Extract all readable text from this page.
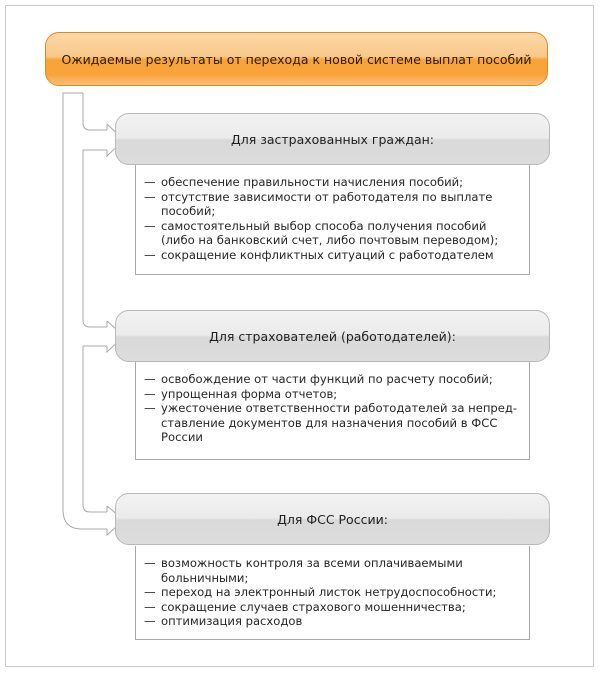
Ожидаемые результаты от перехода к новой системе выплат пособий
Для застрахованных граждан:
— обеспечение правильности начисления пособий;
— отсутствие зависимости от работодателя по выплате пособий;
— самостоятельный выбор способа получения пособий (либо на банковский счет, либо почтовым переводом);
— сокращение конфликтных ситуаций с работодателем
Для страхователей (работодателей):
— освобождение от части функций по расчету пособий;
— упрощенная форма отчетов;
— ужесточение ответственности работодателей за непред-ставление документов для назначения пособий в ФСС России
Для ФСС России:
— возможность контроля за всеми оплачиваемыми больничными;
— переход на электронный листок нетрудоспособности;
— сокращение случаев страхового мошенничества;
— оптимизация расходов
